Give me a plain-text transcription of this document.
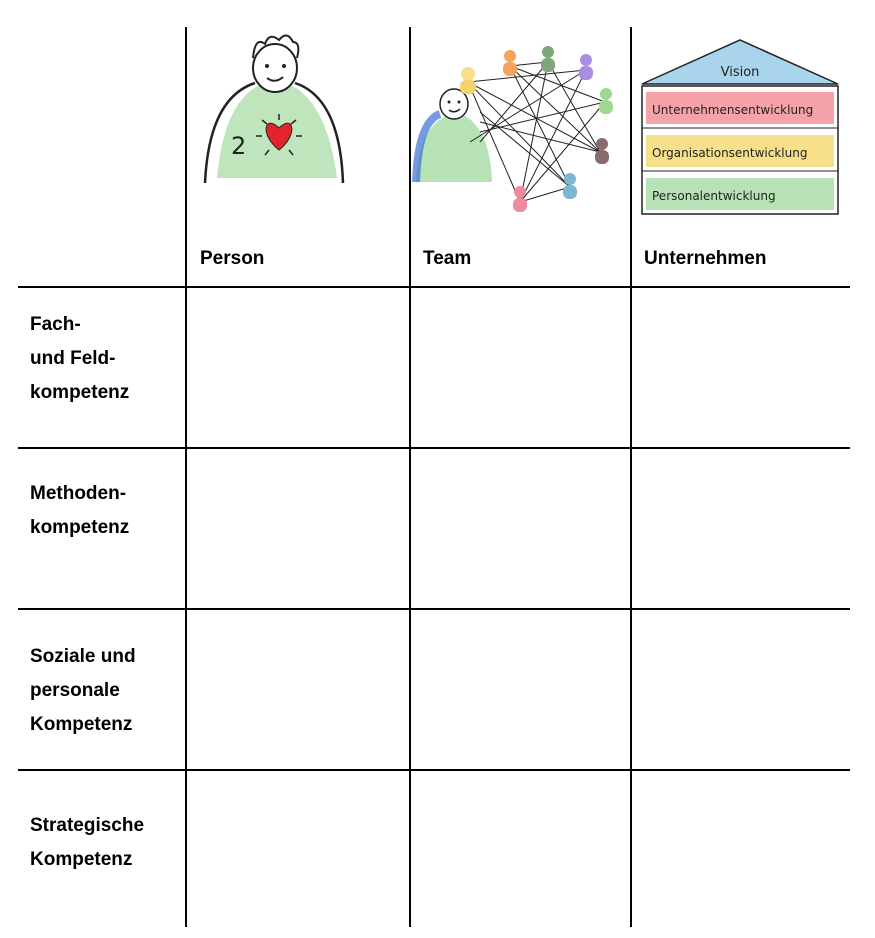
2
Vision
Unternehmensentwicklung
Organisationsentwicklung
Personalentwicklung
Person	Team	Unternehmen
Fach-
und Feld-
kompetenz
Methoden-
kompetenz
Soziale und
personale
Kompetenz
Strategische
Kompetenz
